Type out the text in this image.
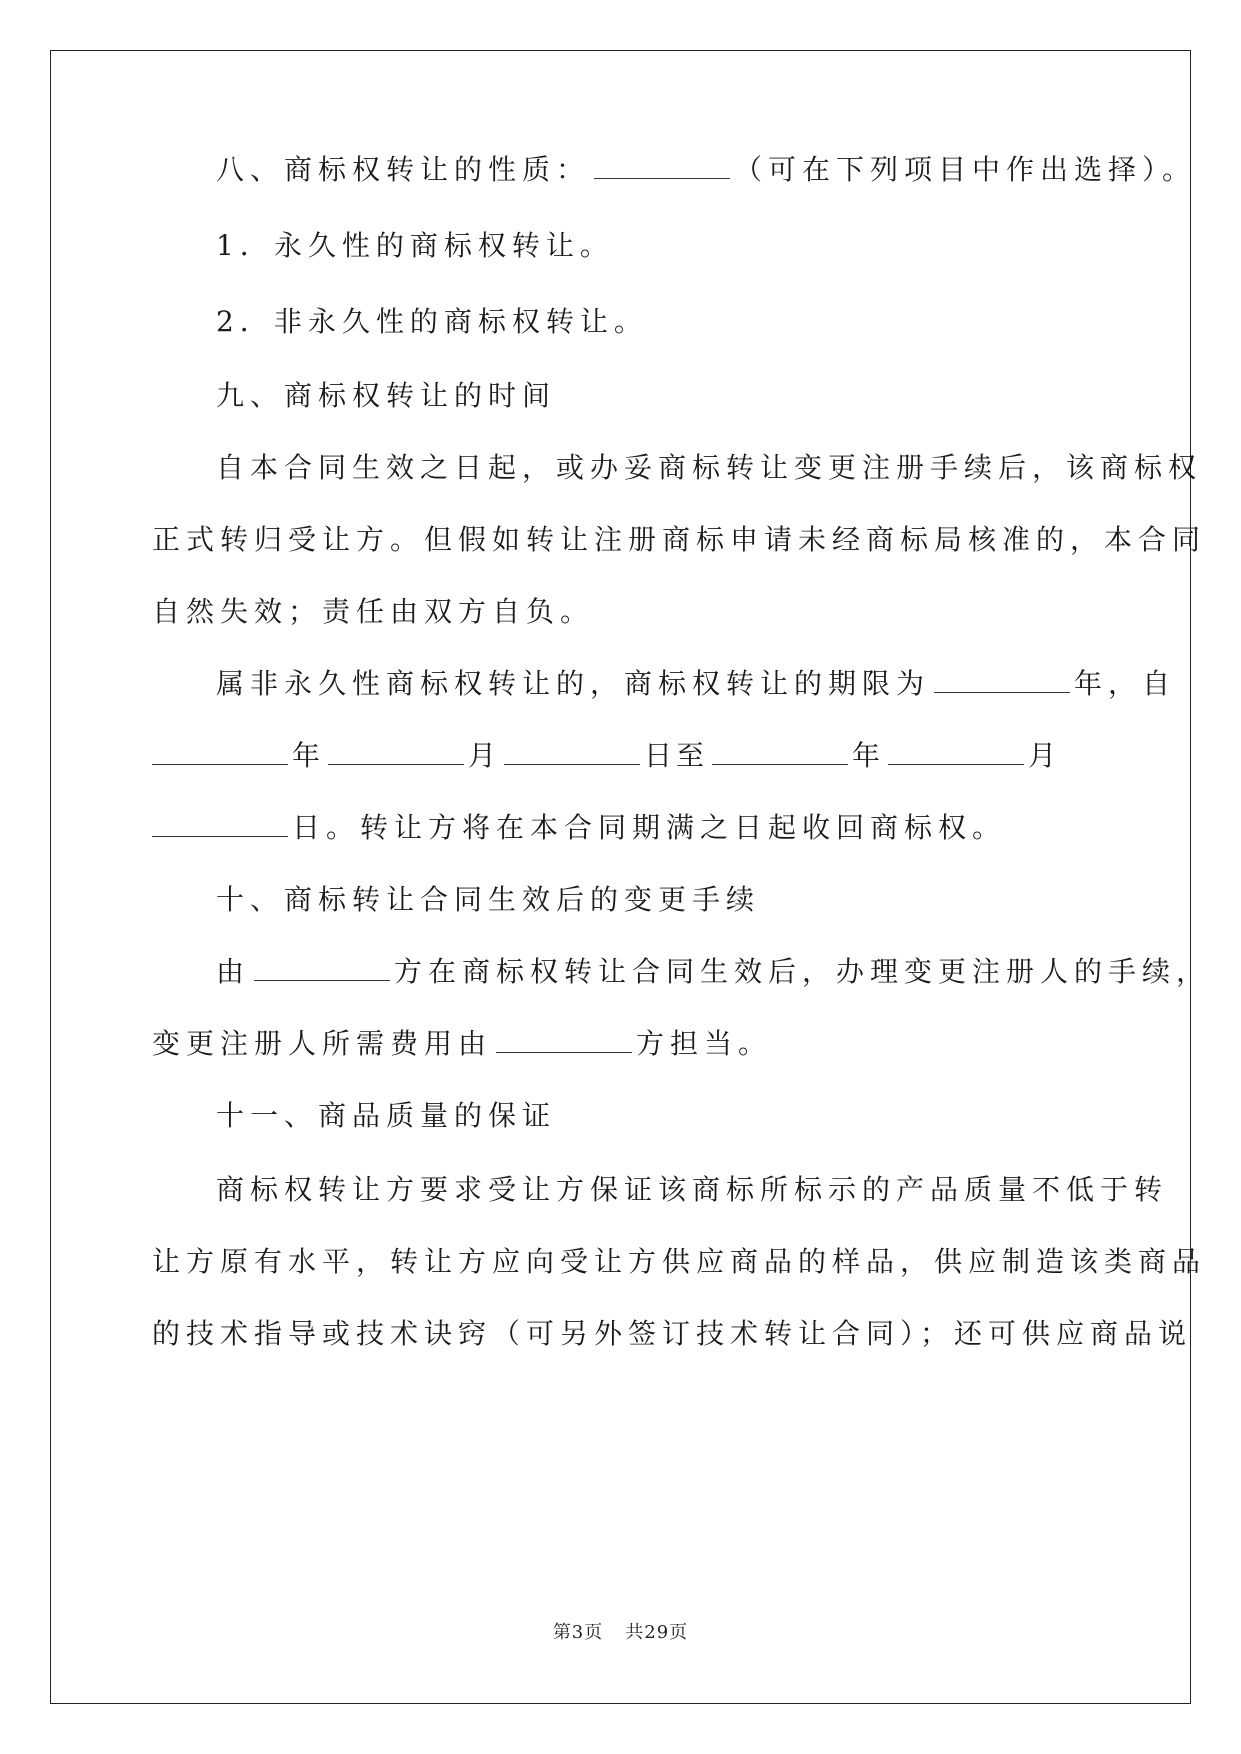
八、商标权转让的性质：	（可在下列项目中作出选择）。
1．永久性的商标权转让。
2．非永久性的商标权转让。
九、商标权转让的时间
自本合同生效之日起，或办妥商标转让变更注册手续后，该商标权
正式转归受让方。但假如转让注册商标申请未经商标局核准的，本合同
自然失效；责任由双方自负。
属非永久性商标权转让的，商标权转让的期限为	年，自
年	月	日至	年	月
日。转让方将在本合同期满之日起收回商标权。
十、商标转让合同生效后的变更手续
由	方在商标权转让合同生效后，办理变更注册人的手续，
变更注册人所需费用由	方担当。
十一、商品质量的保证
商标权转让方要求受让方保证该商标所标示的产品质量不低于转
让方原有水平，转让方应向受让方供应商品的样品，供应制造该类商品
的技术指导或技术诀窍（可另外签订技术转让合同）；还可供应商品说
第3页 共29页
